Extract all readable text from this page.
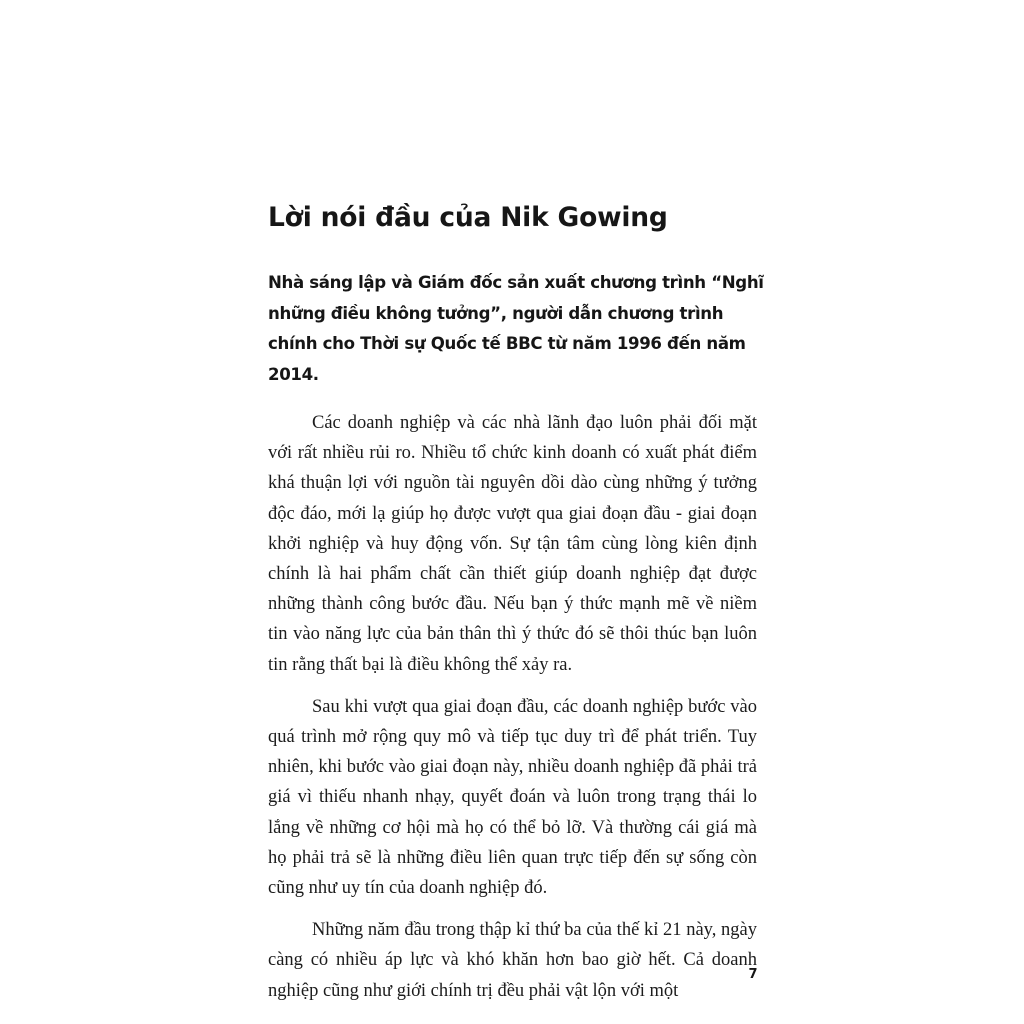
Lời nói đầu của Nik Gowing

Nhà sáng lập và Giám đốc sản xuất chương trình “Nghĩ những điều không tưởng”, người dẫn chương trình chính cho Thời sự Quốc tế BBC từ năm 1996 đến năm 2014.

Các doanh nghiệp và các nhà lãnh đạo luôn phải đối mặt với rất nhiều rủi ro. Nhiều tổ chức kinh doanh có xuất phát điểm khá thuận lợi với nguồn tài nguyên dồi dào cùng những ý tưởng độc đáo, mới lạ giúp họ được vượt qua giai đoạn đầu - giai đoạn khởi nghiệp và huy động vốn. Sự tận tâm cùng lòng kiên định chính là hai phẩm chất cần thiết giúp doanh nghiệp đạt được những thành công bước đầu. Nếu bạn ý thức mạnh mẽ về niềm tin vào năng lực của bản thân thì ý thức đó sẽ thôi thúc bạn luôn tin rằng thất bại là điều không thể xảy ra.

Sau khi vượt qua giai đoạn đầu, các doanh nghiệp bước vào quá trình mở rộng quy mô và tiếp tục duy trì để phát triển. Tuy nhiên, khi bước vào giai đoạn này, nhiều doanh nghiệp đã phải trả giá vì thiếu nhanh nhạy, quyết đoán và luôn trong trạng thái lo lắng về những cơ hội mà họ có thể bỏ lỡ. Và thường cái giá mà họ phải trả sẽ là những điều liên quan trực tiếp đến sự sống còn cũng như uy tín của doanh nghiệp đó.

Những năm đầu trong thập kỉ thứ ba của thế kỉ 21 này, ngày càng có nhiều áp lực và khó khăn hơn bao giờ hết. Cả doanh nghiệp cũng như giới chính trị đều phải vật lộn với một

7
